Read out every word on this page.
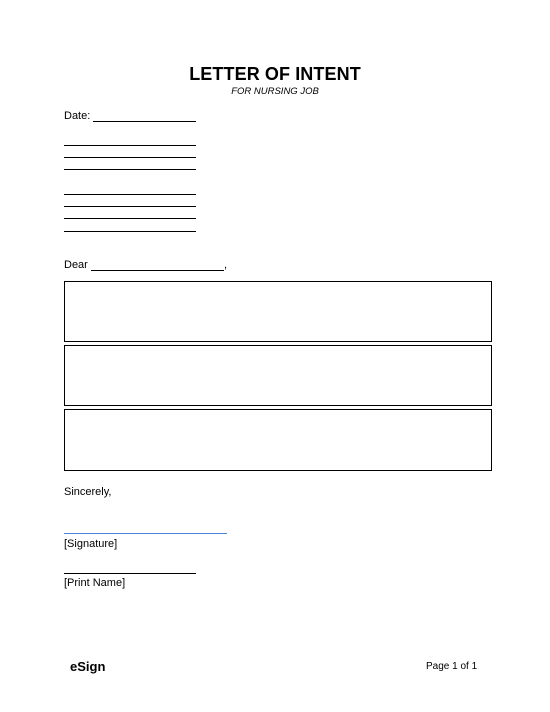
LETTER OF INTENT
FOR NURSING JOB
Date:
Dear	,
Sincerely,
[Signature]
[Print Name]
eSign	Page 1 of 1
